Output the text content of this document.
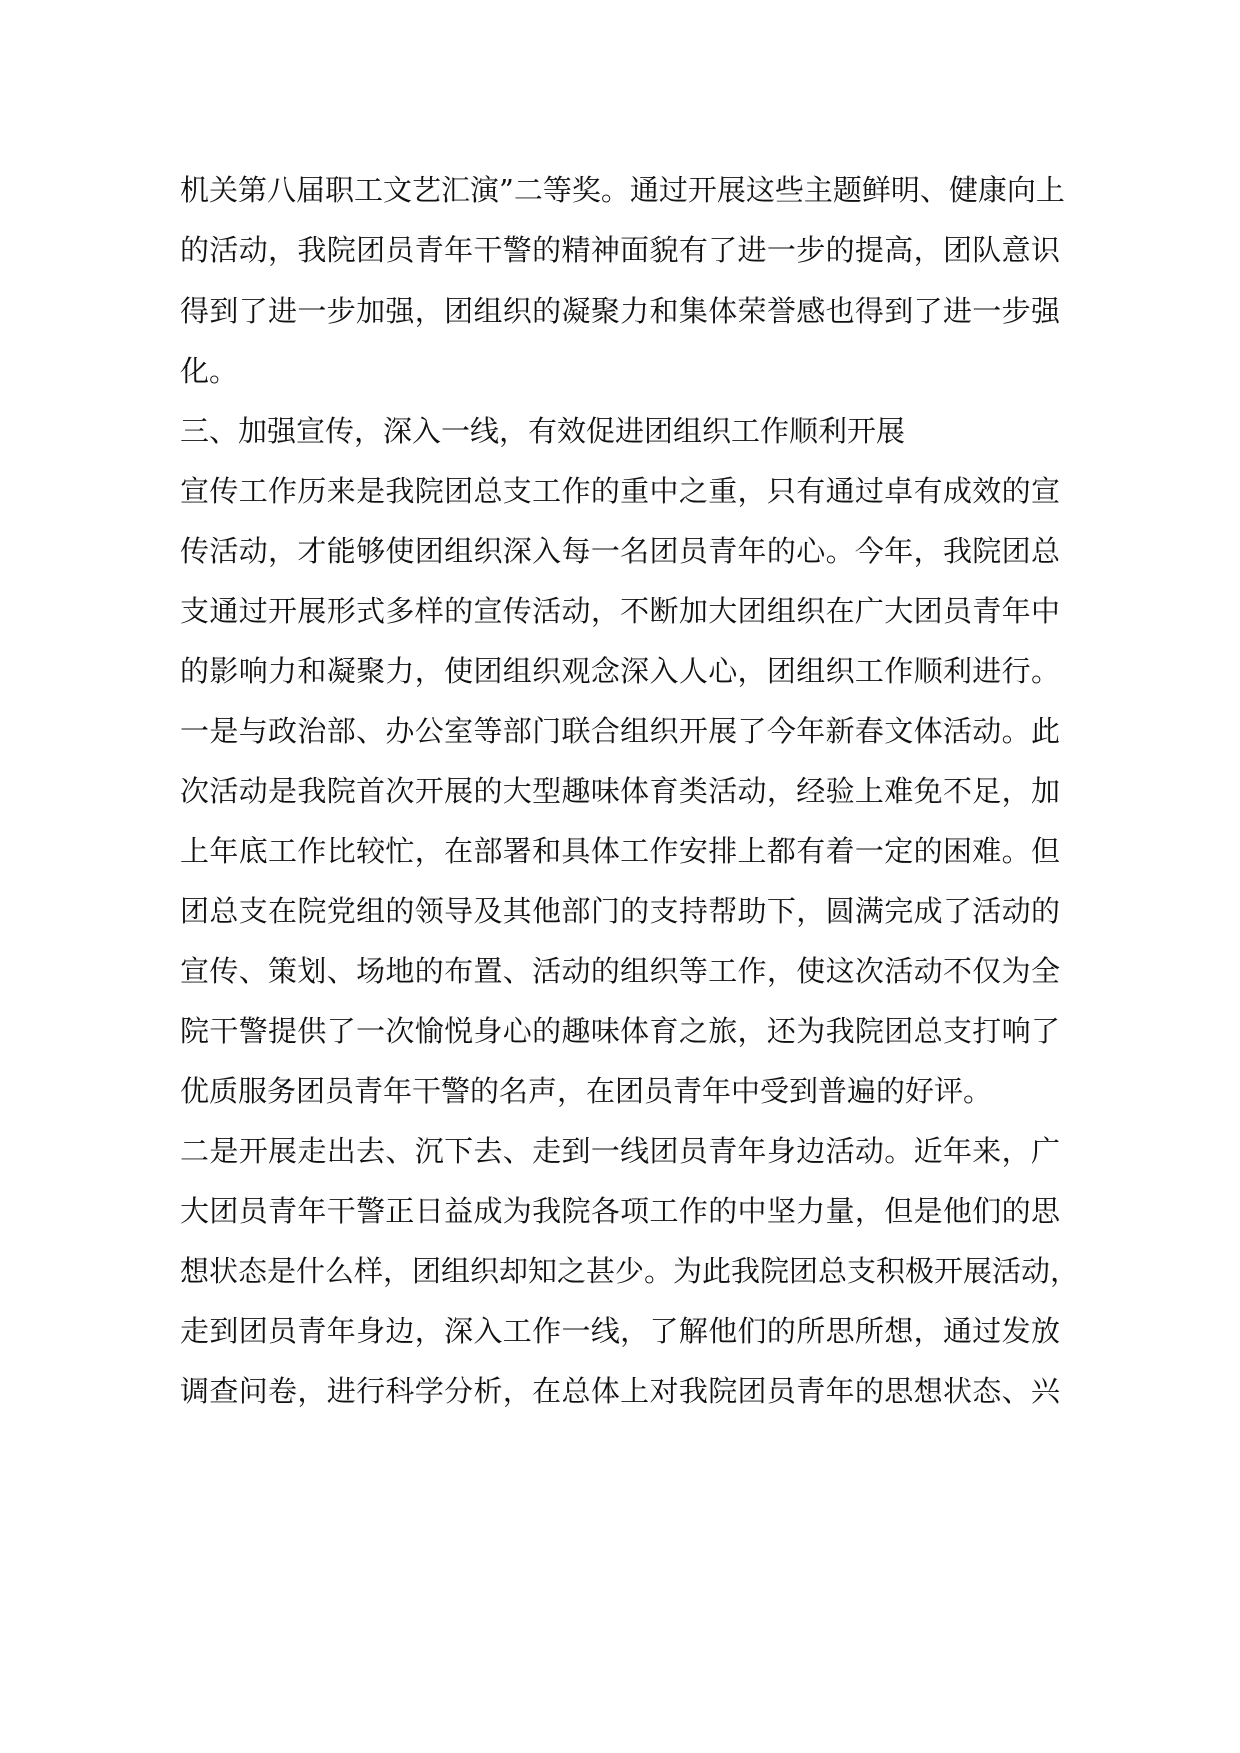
机关第八届职工文艺汇演”二等奖。通过开展这些主题鲜明、健康向上
的活动，我院团员青年干警的精神面貌有了进一步的提高，团队意识
得到了进一步加强，团组织的凝聚力和集体荣誉感也得到了进一步强
化。
三、加强宣传，深入一线，有效促进团组织工作顺利开展
宣传工作历来是我院团总支工作的重中之重，只有通过卓有成效的宣
传活动，才能够使团组织深入每一名团员青年的心。今年，我院团总
支通过开展形式多样的宣传活动，不断加大团组织在广大团员青年中
的影响力和凝聚力，使团组织观念深入人心，团组织工作顺利进行。
一是与政治部、办公室等部门联合组织开展了今年新春文体活动。此
次活动是我院首次开展的大型趣味体育类活动，经验上难免不足，加
上年底工作比较忙，在部署和具体工作安排上都有着一定的困难。但
团总支在院党组的领导及其他部门的支持帮助下，圆满完成了活动的
宣传、策划、场地的布置、活动的组织等工作，使这次活动不仅为全
院干警提供了一次愉悦身心的趣味体育之旅，还为我院团总支打响了
优质服务团员青年干警的名声，在团员青年中受到普遍的好评。
二是开展走出去、沉下去、走到一线团员青年身边活动。近年来，广
大团员青年干警正日益成为我院各项工作的中坚力量，但是他们的思
想状态是什么样，团组织却知之甚少。为此我院团总支积极开展活动，
走到团员青年身边，深入工作一线，了解他们的所思所想，通过发放
调查问卷，进行科学分析，在总体上对我院团员青年的思想状态、兴
